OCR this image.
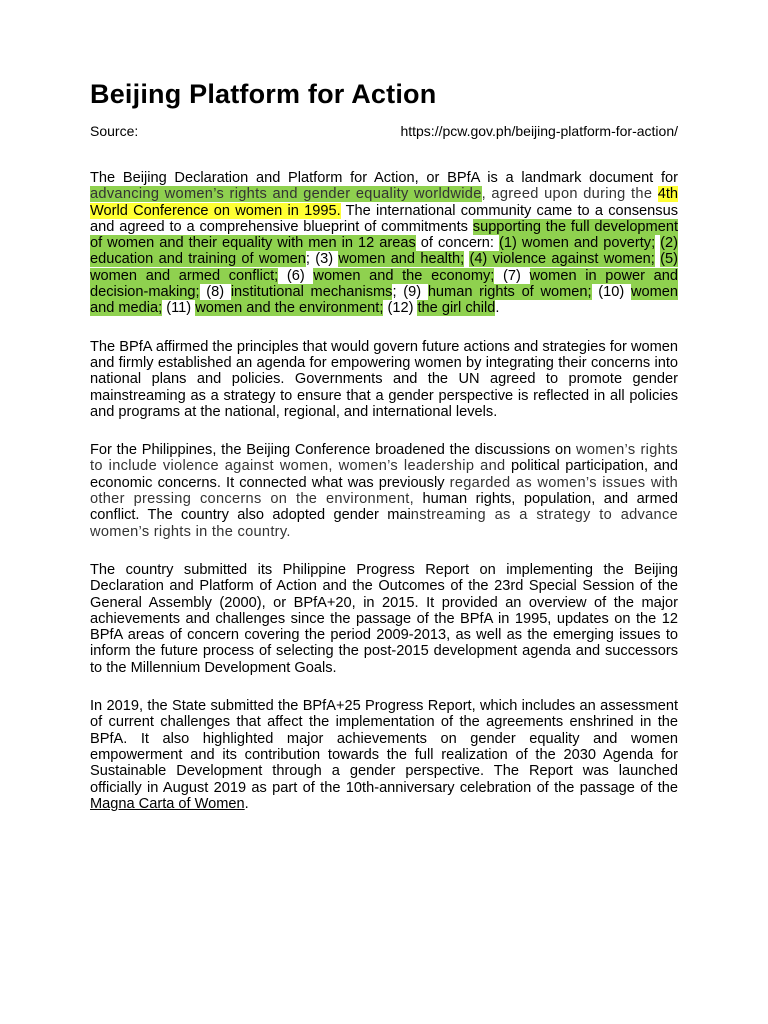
Beijing Platform for Action
Source:	https://pcw.gov.ph/beijing-platform-for-action/

The Beijing Declaration and Platform for Action, or BPfA is a landmark document for advancing women’s rights and gender equality worldwide, agreed upon during the 4th World Conference on women in 1995. The international community came to a consensus and agreed to a comprehensive blueprint of commitments supporting the full development of women and their equality with men in 12 areas of concern: (1) women and poverty; (2) education and training of women; (3) women and health; (4) violence against women; (5) women and armed conflict; (6) women and the economy; (7) women in power and decision-making; (8) institutional mechanisms; (9) human rights of women; (10) women and media; (11) women and the environment; (12) the girl child.

The BPfA affirmed the principles that would govern future actions and strategies for women and firmly established an agenda for empowering women by integrating their concerns into national plans and policies. Governments and the UN agreed to promote gender mainstreaming as a strategy to ensure that a gender perspective is reflected in all policies and programs at the national, regional, and international levels.

For the Philippines, the Beijing Conference broadened the discussions on women’s rights to include violence against women, women’s leadership and political participation, and economic concerns. It connected what was previously regarded as women’s issues with other pressing concerns on the environment, human rights, population, and armed conflict. The country also adopted gender mainstreaming as a strategy to advance women’s rights in the country.

The country submitted its Philippine Progress Report on implementing the Beijing Declaration and Platform of Action and the Outcomes of the 23rd Special Session of the General Assembly (2000), or BPfA+20, in 2015. It provided an overview of the major achievements and challenges since the passage of the BPfA in 1995, updates on the 12 BPfA areas of concern covering the period 2009-2013, as well as the emerging issues to inform the future process of selecting the post-2015 development agenda and successors to the Millennium Development Goals.

In 2019, the State submitted the BPfA+25 Progress Report, which includes an assessment of current challenges that affect the implementation of the agreements enshrined in the BPfA. It also highlighted major achievements on gender equality and women empowerment and its contribution towards the full realization of the 2030 Agenda for Sustainable Development through a gender perspective. The Report was launched officially in August 2019 as part of the 10th-anniversary celebration of the passage of the Magna Carta of Women.
